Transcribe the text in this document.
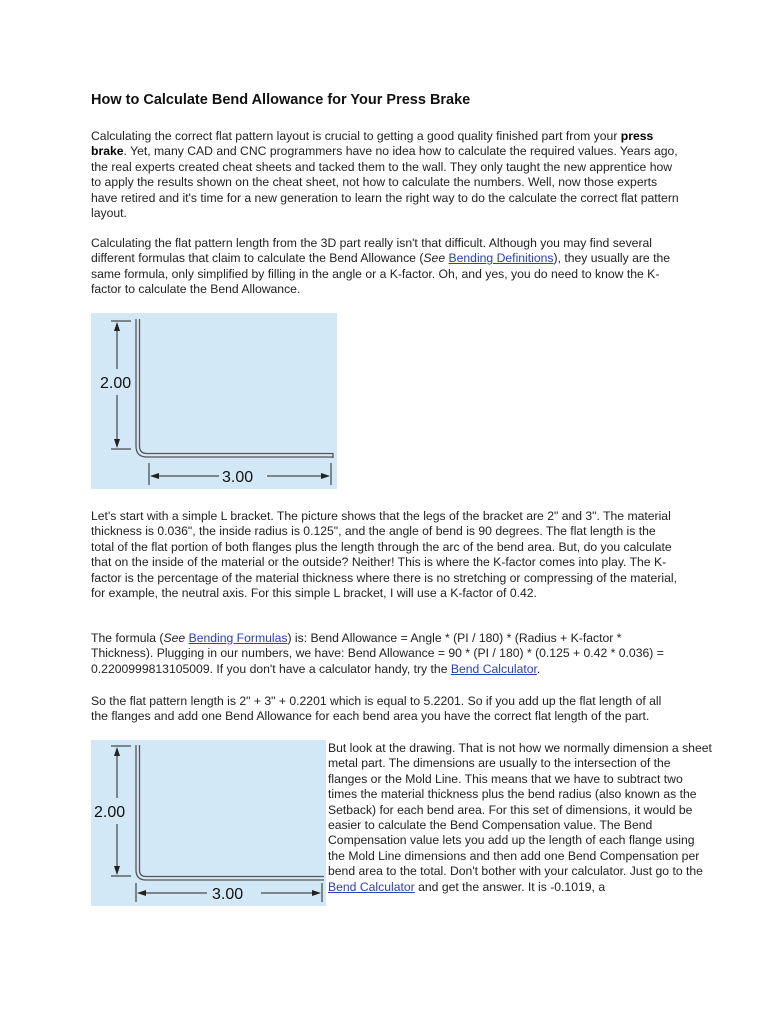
How to Calculate Bend Allowance for Your Press Brake

Calculating the correct flat pattern layout is crucial to getting a good quality finished part from your press brake. Yet, many CAD and CNC programmers have no idea how to calculate the required values. Years ago, the real experts created cheat sheets and tacked them to the wall. They only taught the new apprentice how to apply the results shown on the cheat sheet, not how to calculate the numbers. Well, now those experts have retired and it's time for a new generation to learn the right way to do the calculate the correct flat pattern layout.

Calculating the flat pattern length from the 3D part really isn't that difficult. Although you may find several different formulas that claim to calculate the Bend Allowance (See Bending Definitions), they usually are the same formula, only simplified by filling in the angle or a K-factor. Oh, and yes, you do need to know the K-factor to calculate the Bend Allowance.

2.00
3.00

Let's start with a simple L bracket. The picture shows that the legs of the bracket are 2" and 3". The material thickness is 0.036", the inside radius is 0.125", and the angle of bend is 90 degrees. The flat length is the total of the flat portion of both flanges plus the length through the arc of the bend area. But, do you calculate that on the inside of the material or the outside? Neither! This is where the K-factor comes into play. The K-factor is the percentage of the material thickness where there is no stretching or compressing of the material, for example, the neutral axis. For this simple L bracket, I will use a K-factor of 0.42.

The formula (See Bending Formulas) is: Bend Allowance = Angle * (PI / 180) * (Radius + K-factor * Thickness). Plugging in our numbers, we have: Bend Allowance = 90 * (PI / 180) * (0.125 + 0.42 * 0.036) = 0.2200999813105009. If you don't have a calculator handy, try the Bend Calculator.

So the flat pattern length is 2" + 3" + 0.2201 which is equal to 5.2201. So if you add up the flat length of all the flanges and add one Bend Allowance for each bend area you have the correct flat length of the part.

2.00
3.00

But look at the drawing. That is not how we normally dimension a sheet metal part. The dimensions are usually to the intersection of the flanges or the Mold Line. This means that we have to subtract two times the material thickness plus the bend radius (also known as the Setback) for each bend area. For this set of dimensions, it would be easier to calculate the Bend Compensation value. The Bend Compensation value lets you add up the length of each flange using the Mold Line dimensions and then add one Bend Compensation per bend area to the total. Don't bother with your calculator. Just go to the Bend Calculator and get the answer. It is -0.1019, a
